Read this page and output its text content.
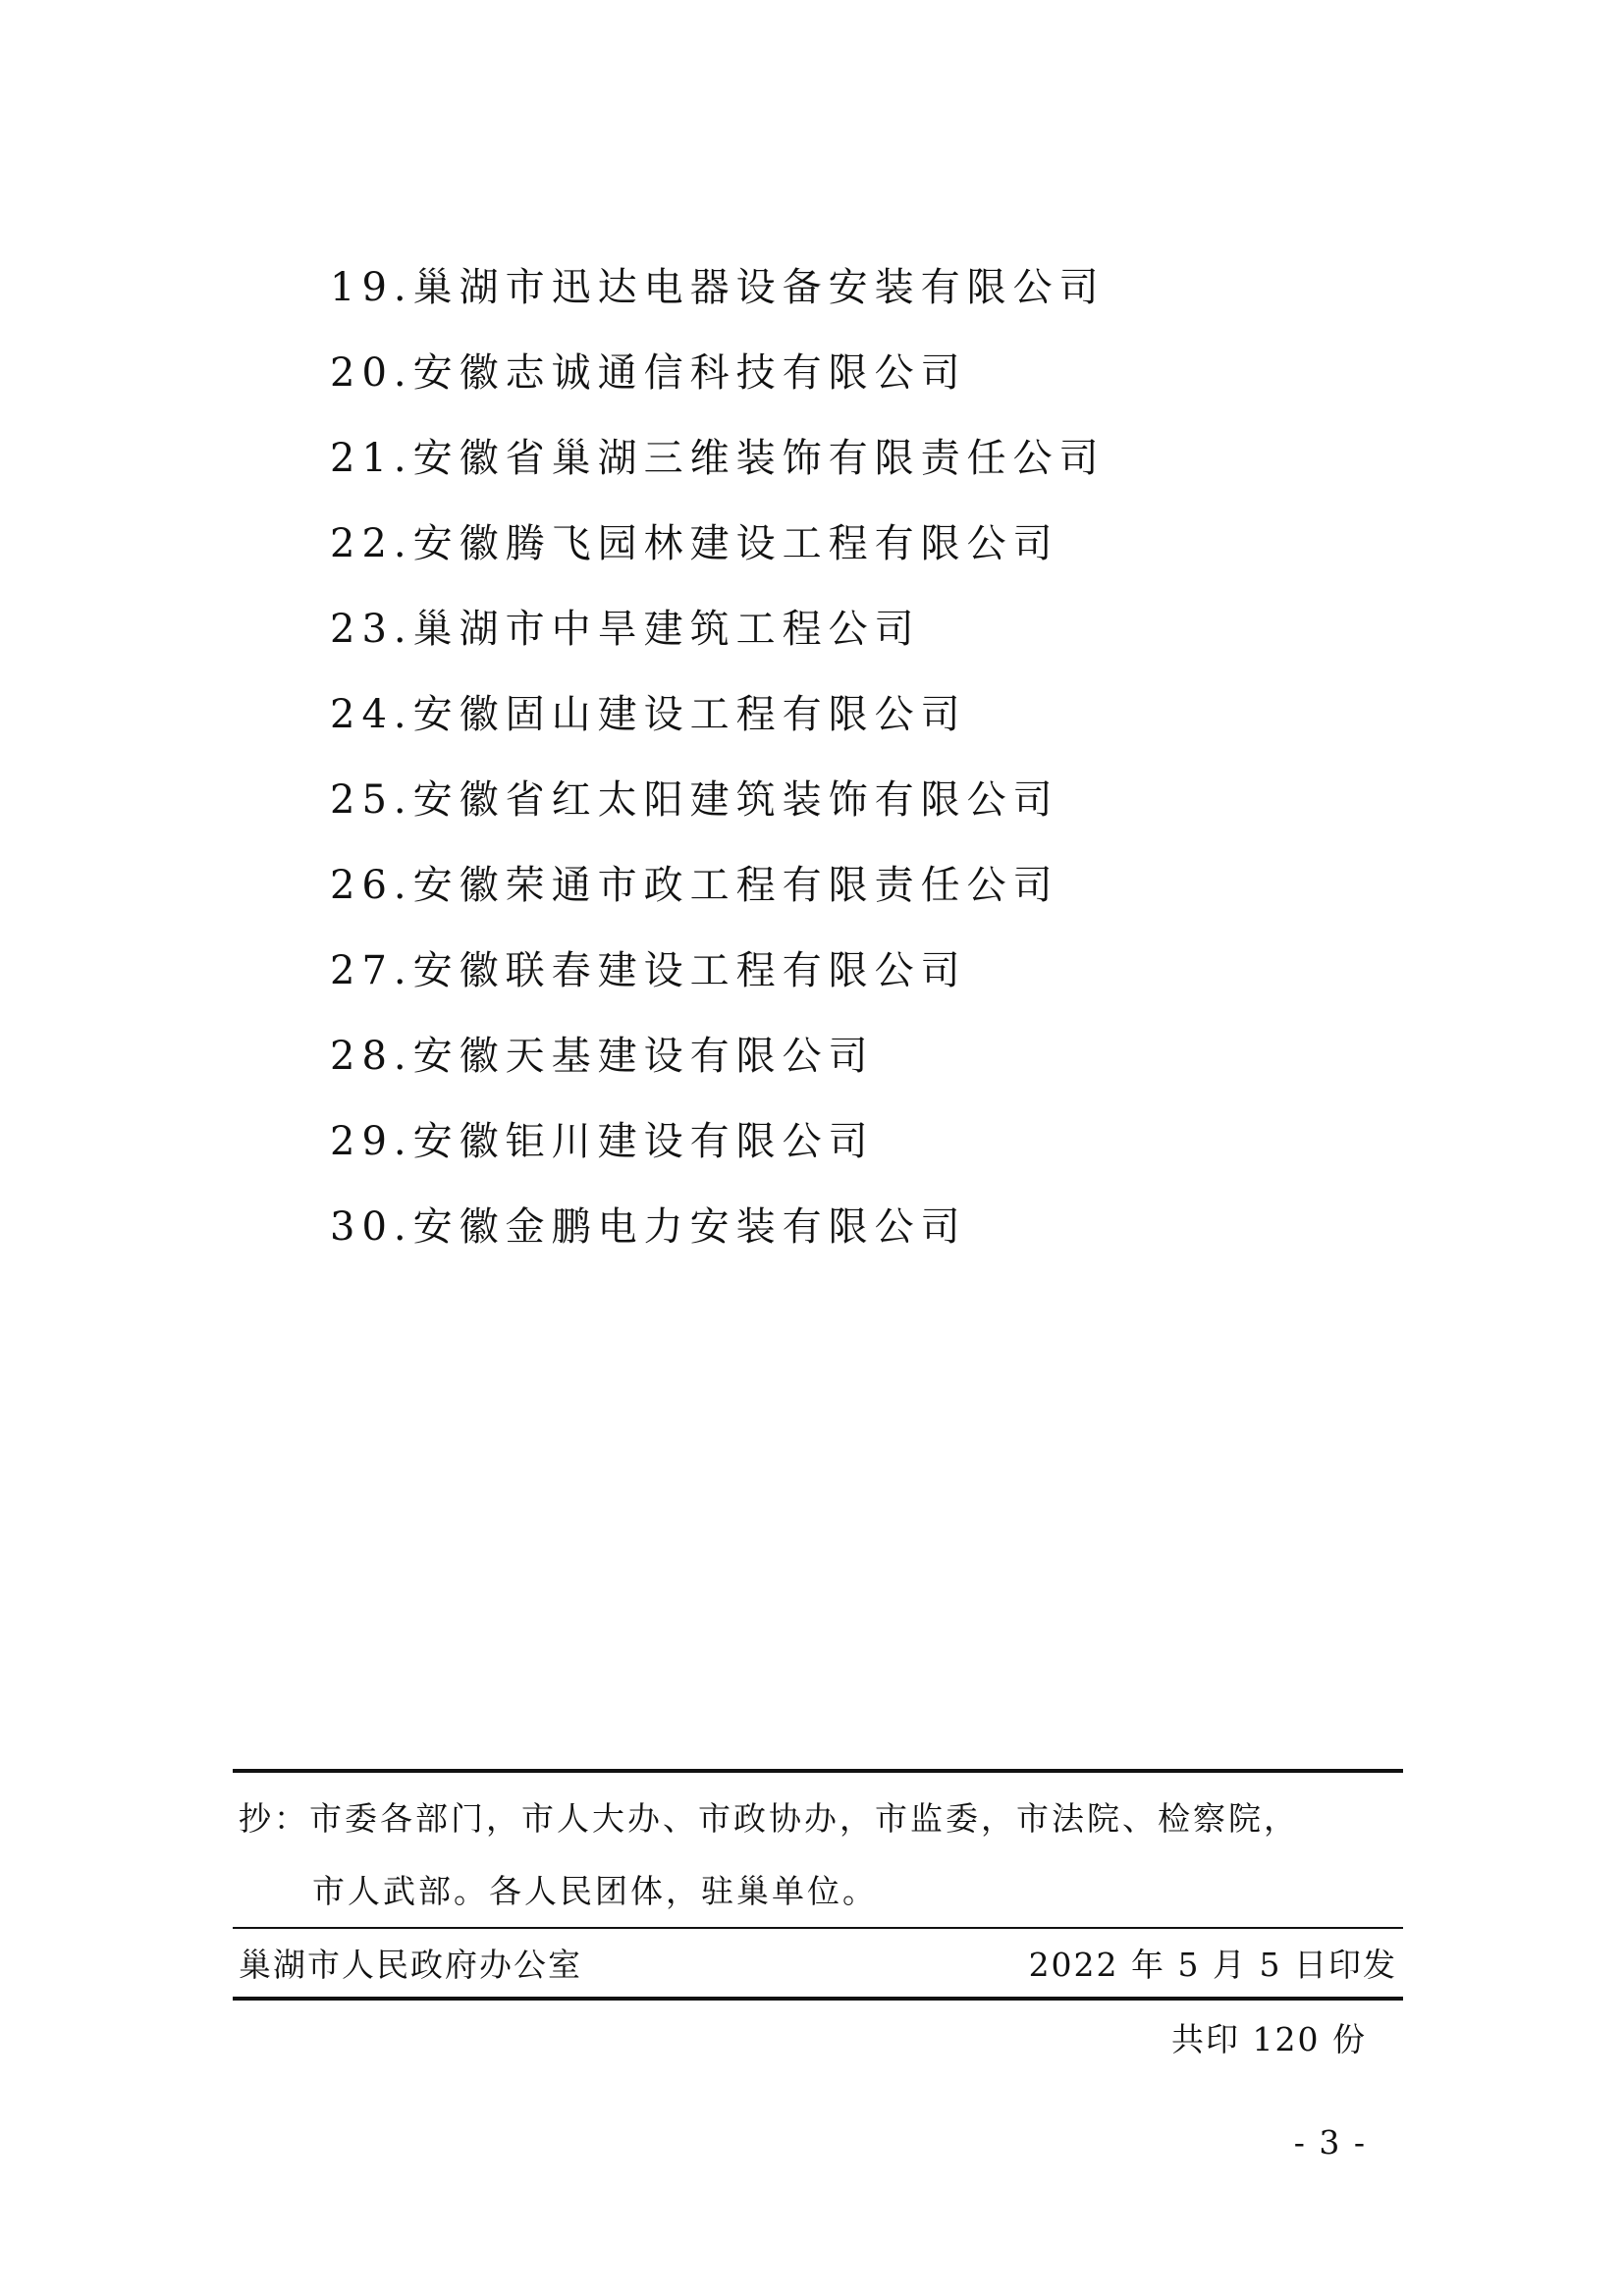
19.巢湖市迅达电器设备安装有限公司
20.安徽志诚通信科技有限公司
21.安徽省巢湖三维装饰有限责任公司
22.安徽腾飞园林建设工程有限公司
23.巢湖市中旱建筑工程公司
24.安徽固山建设工程有限公司
25.安徽省红太阳建筑装饰有限公司
26.安徽荣通市政工程有限责任公司
27.安徽联春建设工程有限公司
28.安徽天基建设有限公司
29.安徽钜川建设有限公司
30.安徽金鹏电力安装有限公司
抄：市委各部门，市人大办、市政协办，市监委，市法院、检察院，
市人武部。各人民团体，驻巢单位。
巢湖市人民政府办公室	2022 年 5 月 5 日印发
共印 120 份
- 3 -
